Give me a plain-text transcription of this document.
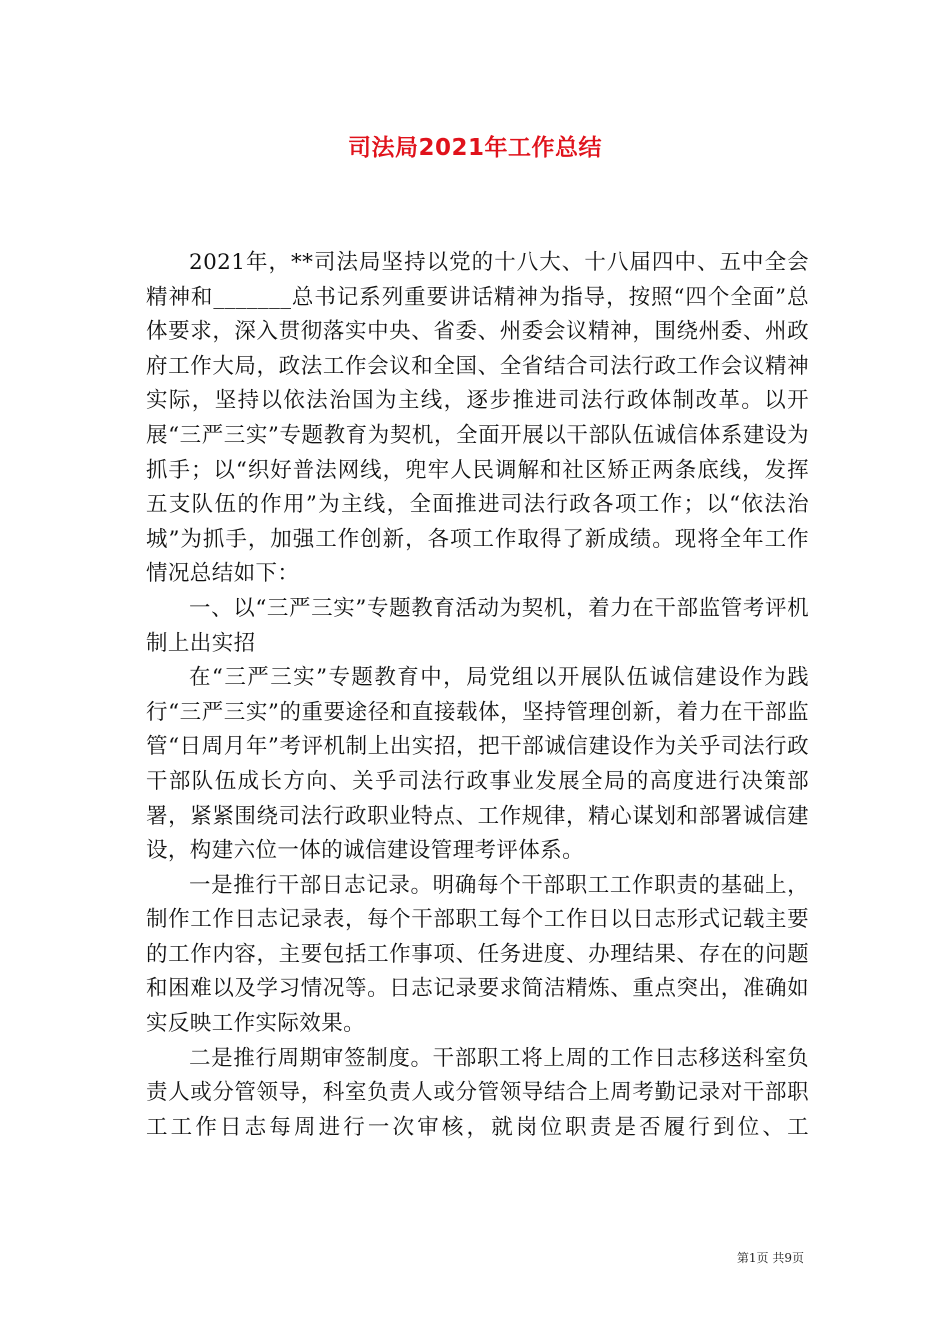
司法局2021年工作总结

2021年，**司法局坚持以党的十八大、十八届四中、五中全会精神和_______总书记系列重要讲话精神为指导，按照“四个全面”总体要求，深入贯彻落实中央、省委、州委会议精神，围绕州委、州政府工作大局，政法工作会议和全国、全省结合司法行政工作会议精神实际，坚持以依法治国为主线，逐步推进司法行政体制改革。以开展“三严三实”专题教育为契机，全面开展以干部队伍诚信体系建设为抓手；以“织好普法网线，兜牢人民调解和社区矫正两条底线，发挥五支队伍的作用”为主线，全面推进司法行政各项工作；以“依法治城”为抓手，加强工作创新，各项工作取得了新成绩。现将全年工作情况总结如下：

一、以“三严三实”专题教育活动为契机，着力在干部监管考评机制上出实招

在“三严三实”专题教育中，局党组以开展队伍诚信建设作为践行“三严三实”的重要途径和直接载体，坚持管理创新，着力在干部监管“日周月年”考评机制上出实招，把干部诚信建设作为关乎司法行政干部队伍成长方向、关乎司法行政事业发展全局的高度进行决策部署，紧紧围绕司法行政职业特点、工作规律，精心谋划和部署诚信建设，构建六位一体的诚信建设管理考评体系。

一是推行干部日志记录。明确每个干部职工工作职责的基础上，制作工作日志记录表，每个干部职工每个工作日以日志形式记载主要的工作内容，主要包括工作事项、任务进度、办理结果、存在的问题和困难以及学习情况等。日志记录要求简洁精炼、重点突出，准确如实反映工作实际效果。

二是推行周期审签制度。干部职工将上周的工作日志移送科室负责人或分管领导，科室负责人或分管领导结合上周考勤记录对干部职工工作日志每周进行一次审核，就岗位职责是否履行到位、工

第1页 共9页
